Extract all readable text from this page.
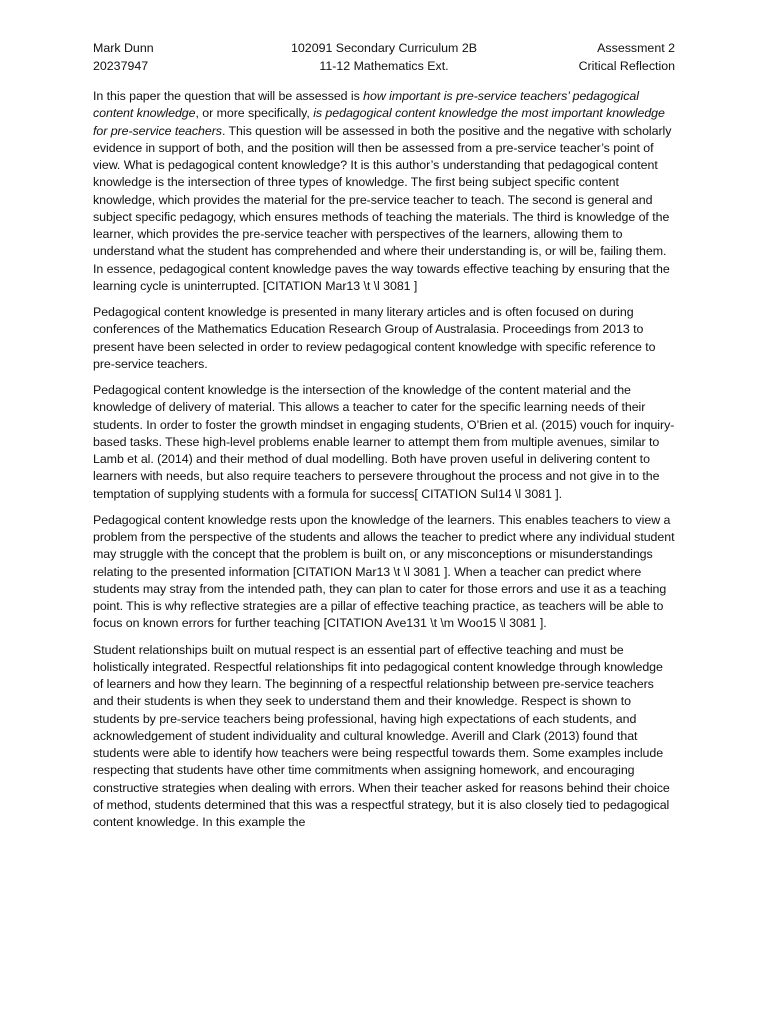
Mark Dunn
20237947
102091 Secondary Curriculum 2B
11-12 Mathematics Ext.
Assessment 2
Critical Reflection

In this paper the question that will be assessed is how important is pre-service teachers’ pedagogical content knowledge, or more specifically, is pedagogical content knowledge the most important knowledge for pre-service teachers. This question will be assessed in both the positive and the negative with scholarly evidence in support of both, and the position will then be assessed from a pre-service teacher’s point of view. What is pedagogical content knowledge? It is this author’s understanding that pedagogical content knowledge is the intersection of three types of knowledge. The first being subject specific content knowledge, which provides the material for the pre-service teacher to teach. The second is general and subject specific pedagogy, which ensures methods of teaching the materials. The third is knowledge of the learner, which provides the pre-service teacher with perspectives of the learners, allowing them to understand what the student has comprehended and where their understanding is, or will be, failing them. In essence, pedagogical content knowledge paves the way towards effective teaching by ensuring that the learning cycle is uninterrupted. [CITATION Mar13 \t \l 3081 ]

Pedagogical content knowledge is presented in many literary articles and is often focused on during conferences of the Mathematics Education Research Group of Australasia. Proceedings from 2013 to present have been selected in order to review pedagogical content knowledge with specific reference to pre-service teachers.

Pedagogical content knowledge is the intersection of the knowledge of the content material and the knowledge of delivery of material. This allows a teacher to cater for the specific learning needs of their students. In order to foster the growth mindset in engaging students, O’Brien et al. (2015) vouch for inquiry-based tasks. These high-level problems enable learner to attempt them from multiple avenues, similar to Lamb et al. (2014) and their method of dual modelling. Both have proven useful in delivering content to learners with needs, but also require teachers to persevere throughout the process and not give in to the temptation of supplying students with a formula for success[ CITATION Sul14 \l 3081 ].

Pedagogical content knowledge rests upon the knowledge of the learners. This enables teachers to view a problem from the perspective of the students and allows the teacher to predict where any individual student may struggle with the concept that the problem is built on, or any misconceptions or misunderstandings relating to the presented information [CITATION Mar13 \t \l 3081 ]. When a teacher can predict where students may stray from the intended path, they can plan to cater for those errors and use it as a teaching point. This is why reflective strategies are a pillar of effective teaching practice, as teachers will be able to focus on known errors for further teaching [CITATION Ave131 \t \m Woo15 \l 3081 ].

Student relationships built on mutual respect is an essential part of effective teaching and must be holistically integrated. Respectful relationships fit into pedagogical content knowledge through knowledge of learners and how they learn. The beginning of a respectful relationship between pre-service teachers and their students is when they seek to understand them and their knowledge. Respect is shown to students by pre-service teachers being professional, having high expectations of each students, and acknowledgement of student individuality and cultural knowledge. Averill and Clark (2013) found that students were able to identify how teachers were being respectful towards them. Some examples include respecting that students have other time commitments when assigning homework, and encouraging constructive strategies when dealing with errors. When their teacher asked for reasons behind their choice of method, students determined that this was a respectful strategy, but it is also closely tied to pedagogical content knowledge. In this example the
